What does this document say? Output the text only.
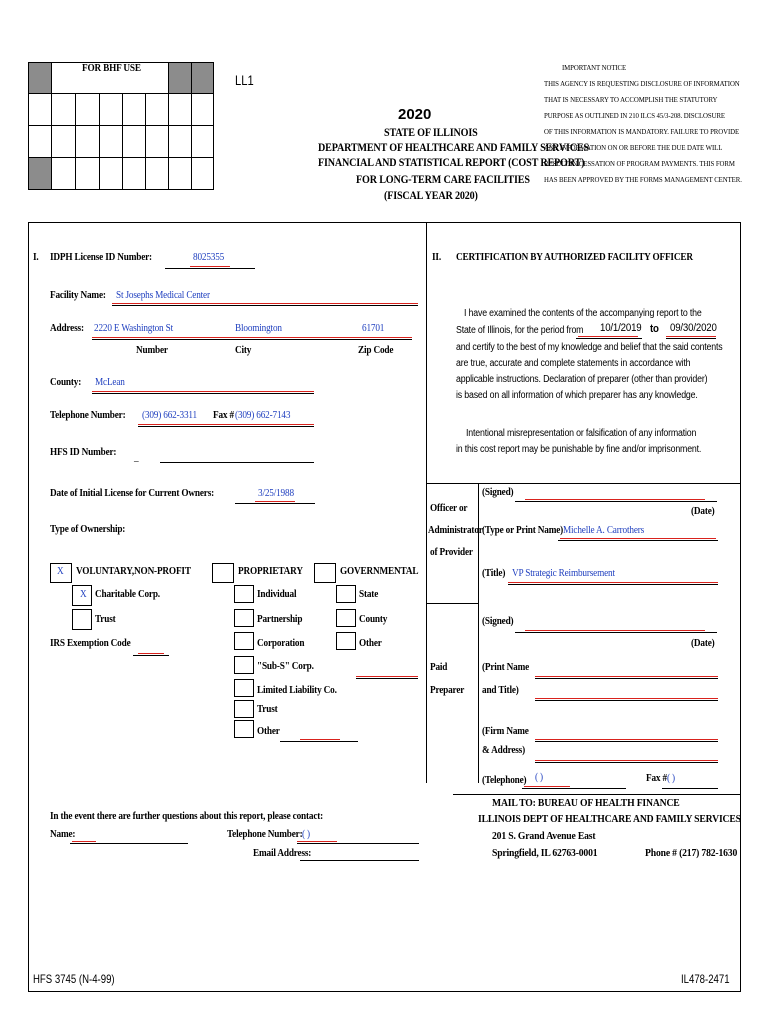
FOR BHF USE
LL1
2020
STATE OF ILLINOIS
DEPARTMENT OF HEALTHCARE AND FAMILY SERVICES
FINANCIAL AND STATISTICAL REPORT (COST REPORT)
FOR LONG-TERM CARE FACILITIES
(FISCAL YEAR 2020)
IMPORTANT NOTICE
THIS AGENCY IS REQUESTING DISCLOSURE OF INFORMATION
THAT IS NECESSARY TO ACCOMPLISH THE STATUTORY
PURPOSE AS OUTLINED IN 210 ILCS 45/3-208. DISCLOSURE
OF THIS INFORMATION IS MANDATORY. FAILURE TO PROVIDE
ANY INFORMATION ON OR BEFORE THE DUE DATE WILL
RESULT IN CESSATION OF PROGRAM PAYMENTS. THIS FORM
HAS BEEN APPROVED BY THE FORMS MANAGEMENT CENTER.
I. IDPH License ID Number:	8025355
Facility Name: St Josephs Medical Center
Address: 2220 E Washington St	Bloomington	61701
Number	City	Zip Code
County: McLean
Telephone Number: (309) 662-3311 Fax # (309) 662-7143
HFS ID Number: _
Date of Initial License for Current Owners:	3/25/1988
Type of Ownership:
X VOLUNTARY,NON-PROFIT
X Charitable Corp.
Trust
IRS Exemption Code
PROPRIETARY
Individual
Partnership
Corporation
"Sub-S" Corp.
Limited Liability Co.
Trust
Other
GOVERNMENTAL
State
County
Other
In the event there are further questions about this report, please contact:
Name:	Telephone Number: ( )
Email Address:
II. CERTIFICATION BY AUTHORIZED FACILITY OFFICER
I have examined the contents of the accompanying report to the
State of Illinois, for the period from 10/1/2019 to 09/30/2020
and certify to the best of my knowledge and belief that the said contents
are true, accurate and complete statements in accordance with
applicable instructions. Declaration of preparer (other than provider)
is based on all information of which preparer has any knowledge.
Intentional misrepresentation or falsification of any information
in this cost report may be punishable by fine and/or imprisonment.
Officer or
Administrator
of Provider
(Signed)
(Date)
(Type or Print Name) Michelle A. Carrothers
(Title) VP Strategic Reimbursement
(Signed)
(Date)
Paid
Preparer
(Print Name
and Title)
(Firm Name
& Address)
(Telephone) ( )	Fax # ( )
MAIL TO: BUREAU OF HEALTH FINANCE
ILLINOIS DEPT OF HEALTHCARE AND FAMILY SERVICES
201 S. Grand Avenue East
Springfield, IL 62763-0001	Phone # (217) 782-1630
HFS 3745 (N-4-99)	IL478-2471
